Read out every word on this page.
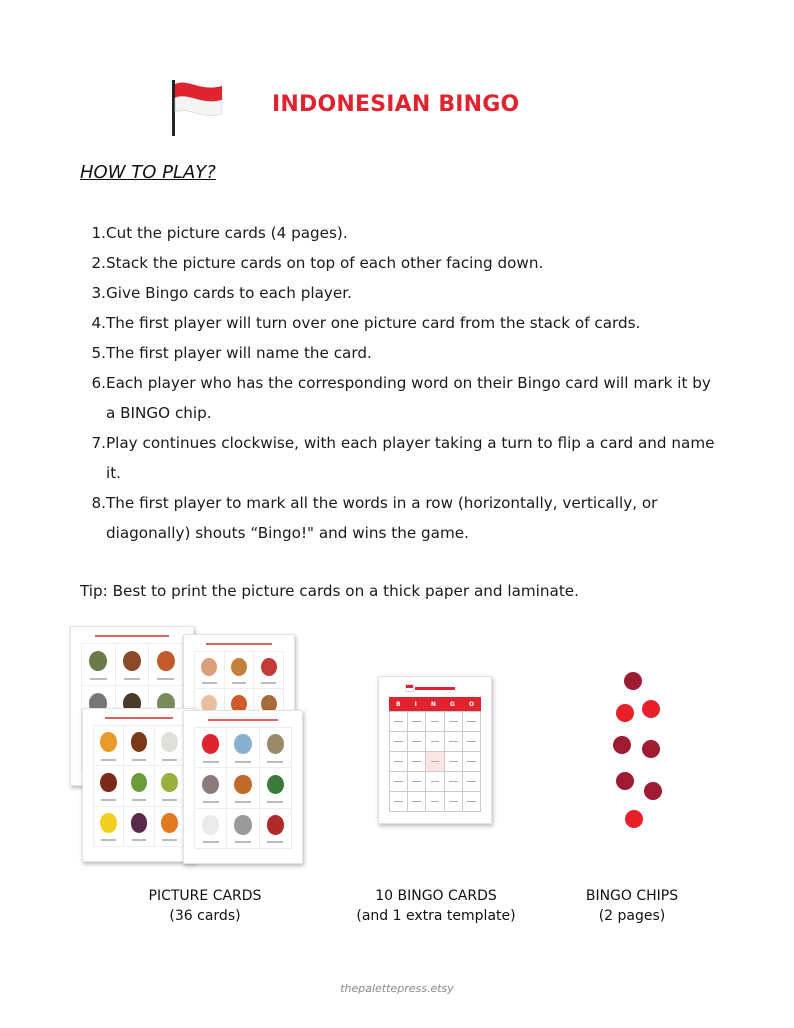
INDONESIAN BINGO
HOW TO PLAY?
1. Cut the picture cards (4 pages).
2. Stack the picture cards on top of each other facing down.
3. Give Bingo cards to each player.
4. The first player will turn over one picture card from the stack of cards.
5. The first player will name the card.
6. Each player who has the corresponding word on their Bingo card will mark it by a BINGO chip.
7. Play continues clockwise, with each player taking a turn to flip a card and name it.
8. The first player to mark all the words in a row (horizontally, vertically, or diagonally) shouts “Bingo!" and wins the game.
Tip: Best to print the picture cards on a thick paper and laminate.
B I N G O
PICTURE CARDS
(36 cards)
10 BINGO CARDS
(and 1 extra template)
BINGO CHIPS
(2 pages)
thepalettepress.etsy
